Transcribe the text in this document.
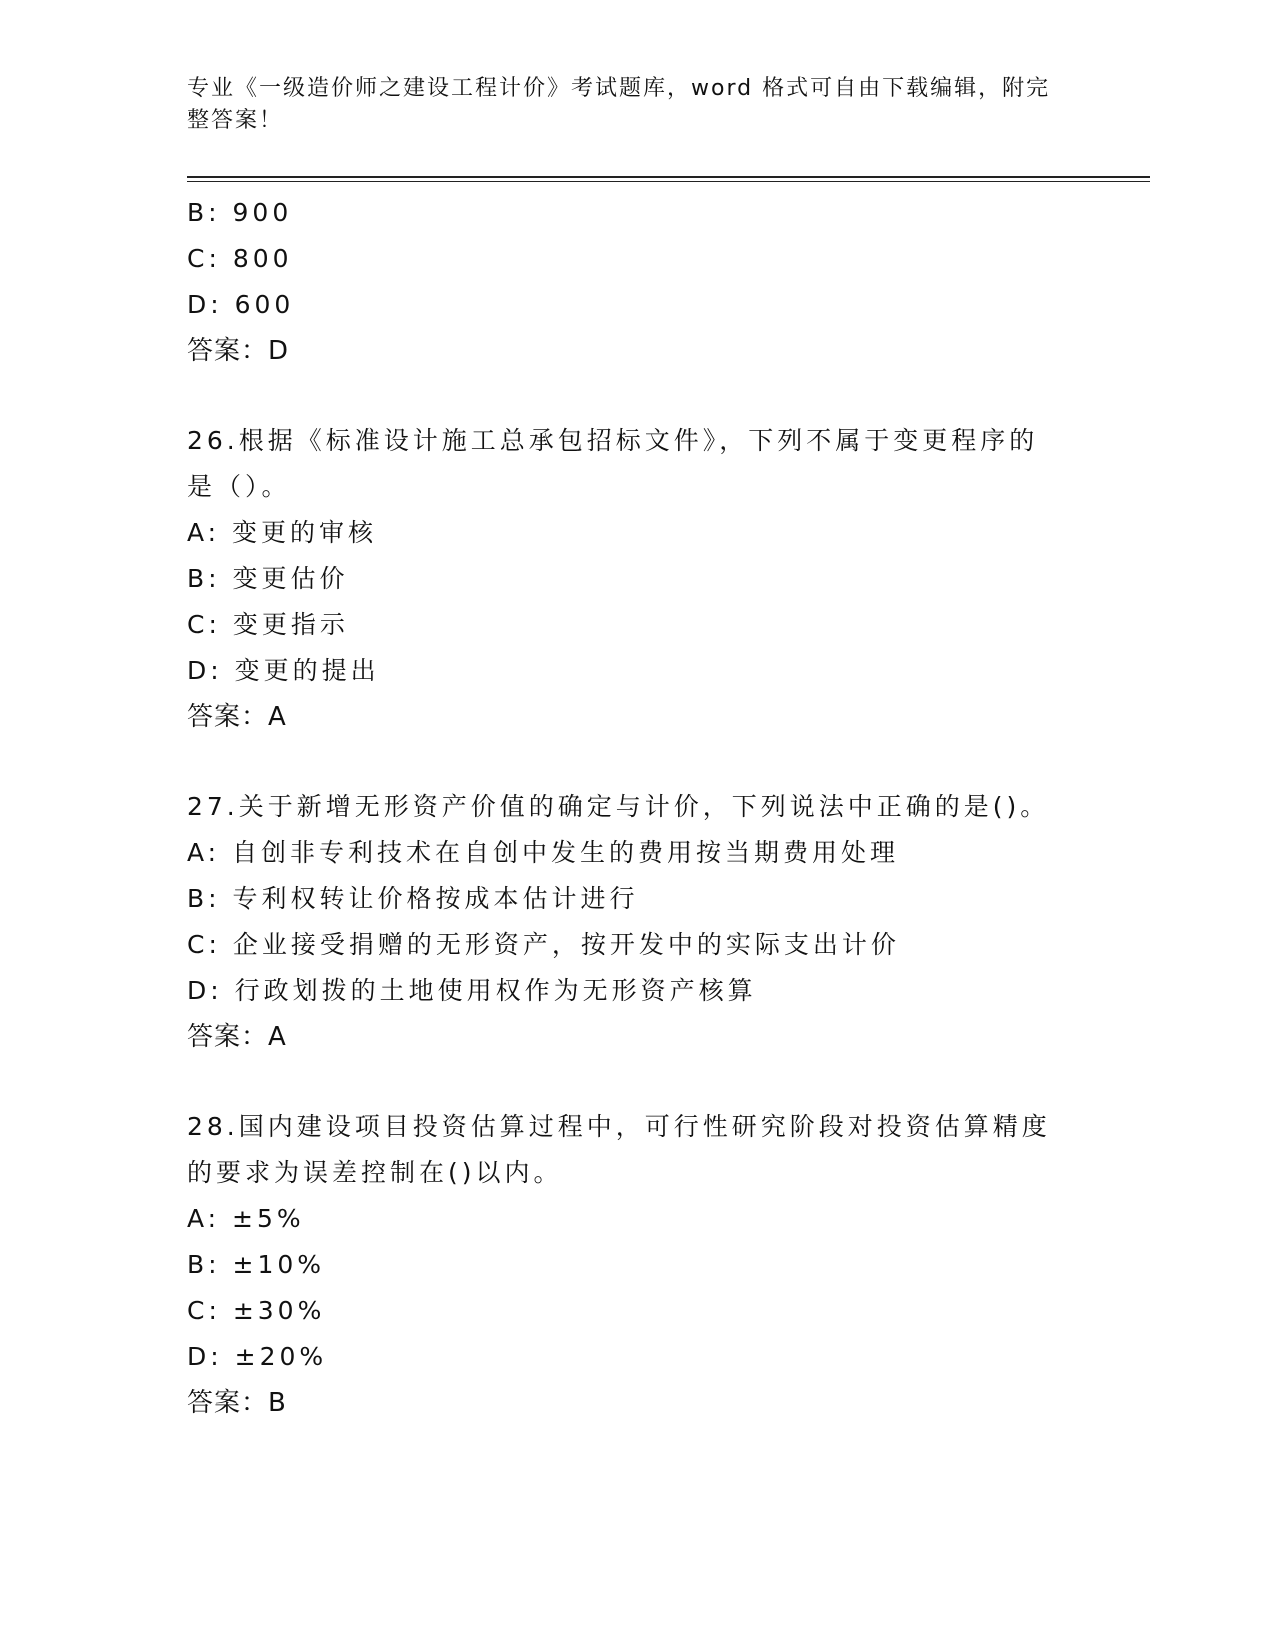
专业《一级造价师之建设工程计价》考试题库，word 格式可自由下载编辑，附完整答案！
B: 900
C: 800
D: 600
答案：D
26.根据《标准设计施工总承包招标文件》，下列不属于变更程序的是（）。
A: 变更的审核
B: 变更估价
C: 变更指示
D: 变更的提出
答案：A
27.关于新增无形资产价值的确定与计价，下列说法中正确的是()。
A: 自创非专利技术在自创中发生的费用按当期费用处理
B: 专利权转让价格按成本估计进行
C: 企业接受捐赠的无形资产，按开发中的实际支出计价
D: 行政划拨的土地使用权作为无形资产核算
答案：A
28.国内建设项目投资估算过程中，可行性研究阶段对投资估算精度的要求为误差控制在()以内。
A: ±5%
B: ±10%
C: ±30%
D: ±20%
答案：B
